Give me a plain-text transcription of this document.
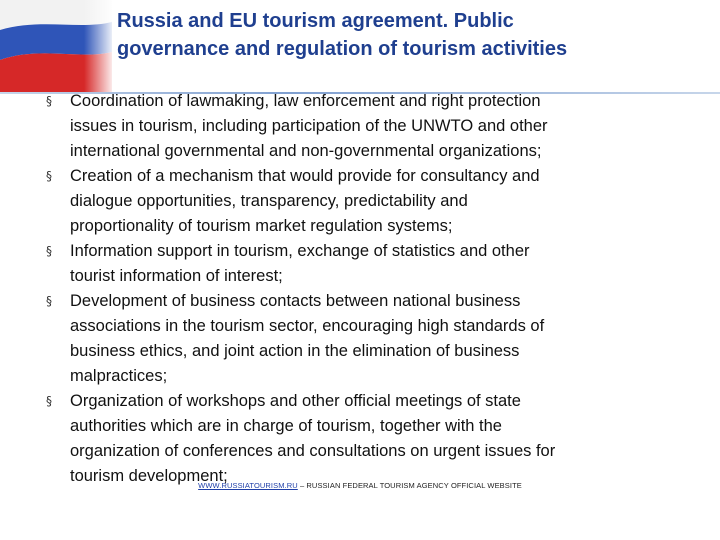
Russia and EU tourism agreement. Public
governance and regulation of tourism activities
§ Coordination of lawmaking, law enforcement and right protection
issues in tourism, including participation of the UNWTO and other
international governmental and non-governmental organizations;
§ Creation of a mechanism that would provide for consultancy and
dialogue opportunities, transparency, predictability and
proportionality of tourism market regulation systems;
§ Information support in tourism, exchange of statistics and other
tourist information of interest;
§ Development of business contacts between national business
associations in the tourism sector, encouraging high standards of
business ethics, and joint action in the elimination of business
malpractices;
§ Organization of workshops and other official meetings of state
authorities which are in charge of tourism, together with the
organization of conferences and consultations on urgent issues for
tourism development;
WWW.RUSSIATOURISM.RU – RUSSIAN FEDERAL TOURISM AGENCY OFFICIAL WEBSITE
